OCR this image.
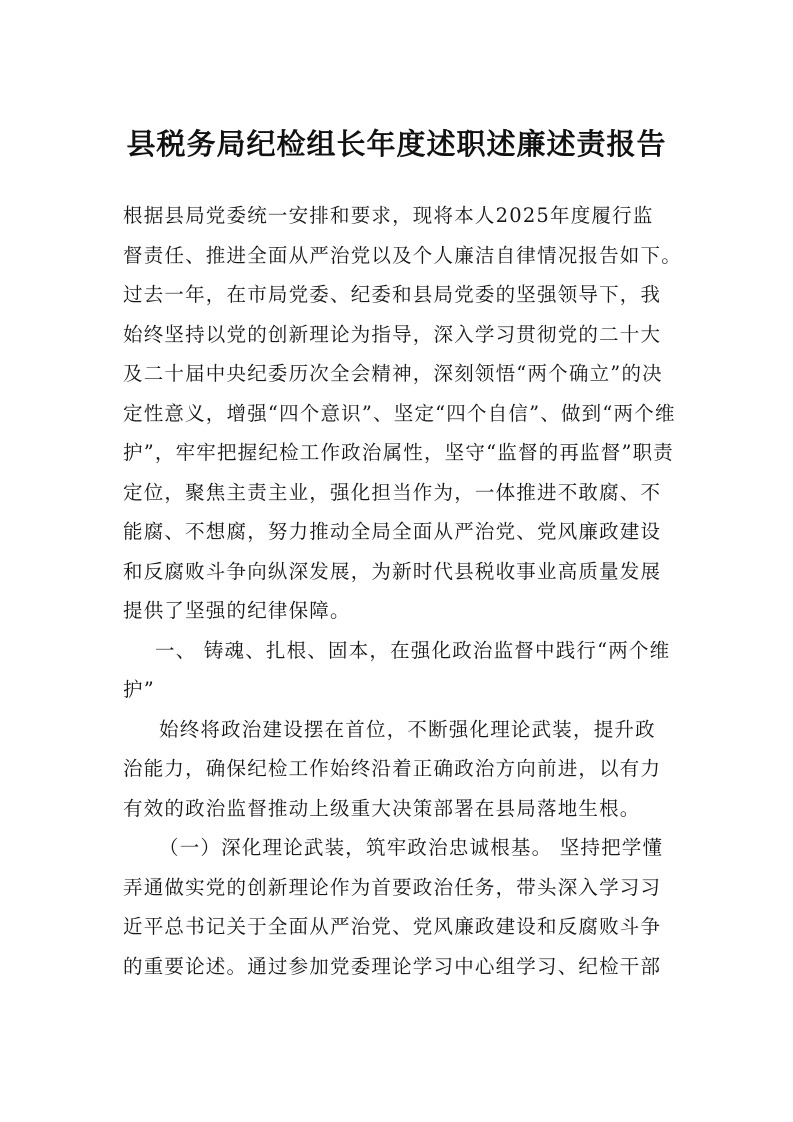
县税务局纪检组长年度述职述廉述责报告
根据县局党委统一安排和要求，现将本人2025年度履行监
督责任、推进全面从严治党以及个人廉洁自律情况报告如下。
过去一年，在市局党委、纪委和县局党委的坚强领导下，我
始终坚持以党的创新理论为指导，深入学习贯彻党的二十大
及二十届中央纪委历次全会精神，深刻领悟“两个确立”的决
定性意义，增强“四个意识”、坚定“四个自信”、做到“两个维
护”，牢牢把握纪检工作政治属性，坚守“监督的再监督”职责
定位，聚焦主责主业，强化担当作为，一体推进不敢腐、不
能腐、不想腐，努力推动全局全面从严治党、党风廉政建设
和反腐败斗争向纵深发展，为新时代县税收事业高质量发展
提供了坚强的纪律保障。
一、 铸魂、扎根、固本，在强化政治监督中践行“两个维
护”
始终将政治建设摆在首位，不断强化理论武装，提升政
治能力，确保纪检工作始终沿着正确政治方向前进，以有力
有效的政治监督推动上级重大决策部署在县局落地生根。
（一）深化理论武装，筑牢政治忠诚根基。 坚持把学懂
弄通做实党的创新理论作为首要政治任务，带头深入学习习
近平总书记关于全面从严治党、党风廉政建设和反腐败斗争
的重要论述。通过参加党委理论学习中心组学习、纪检干部
